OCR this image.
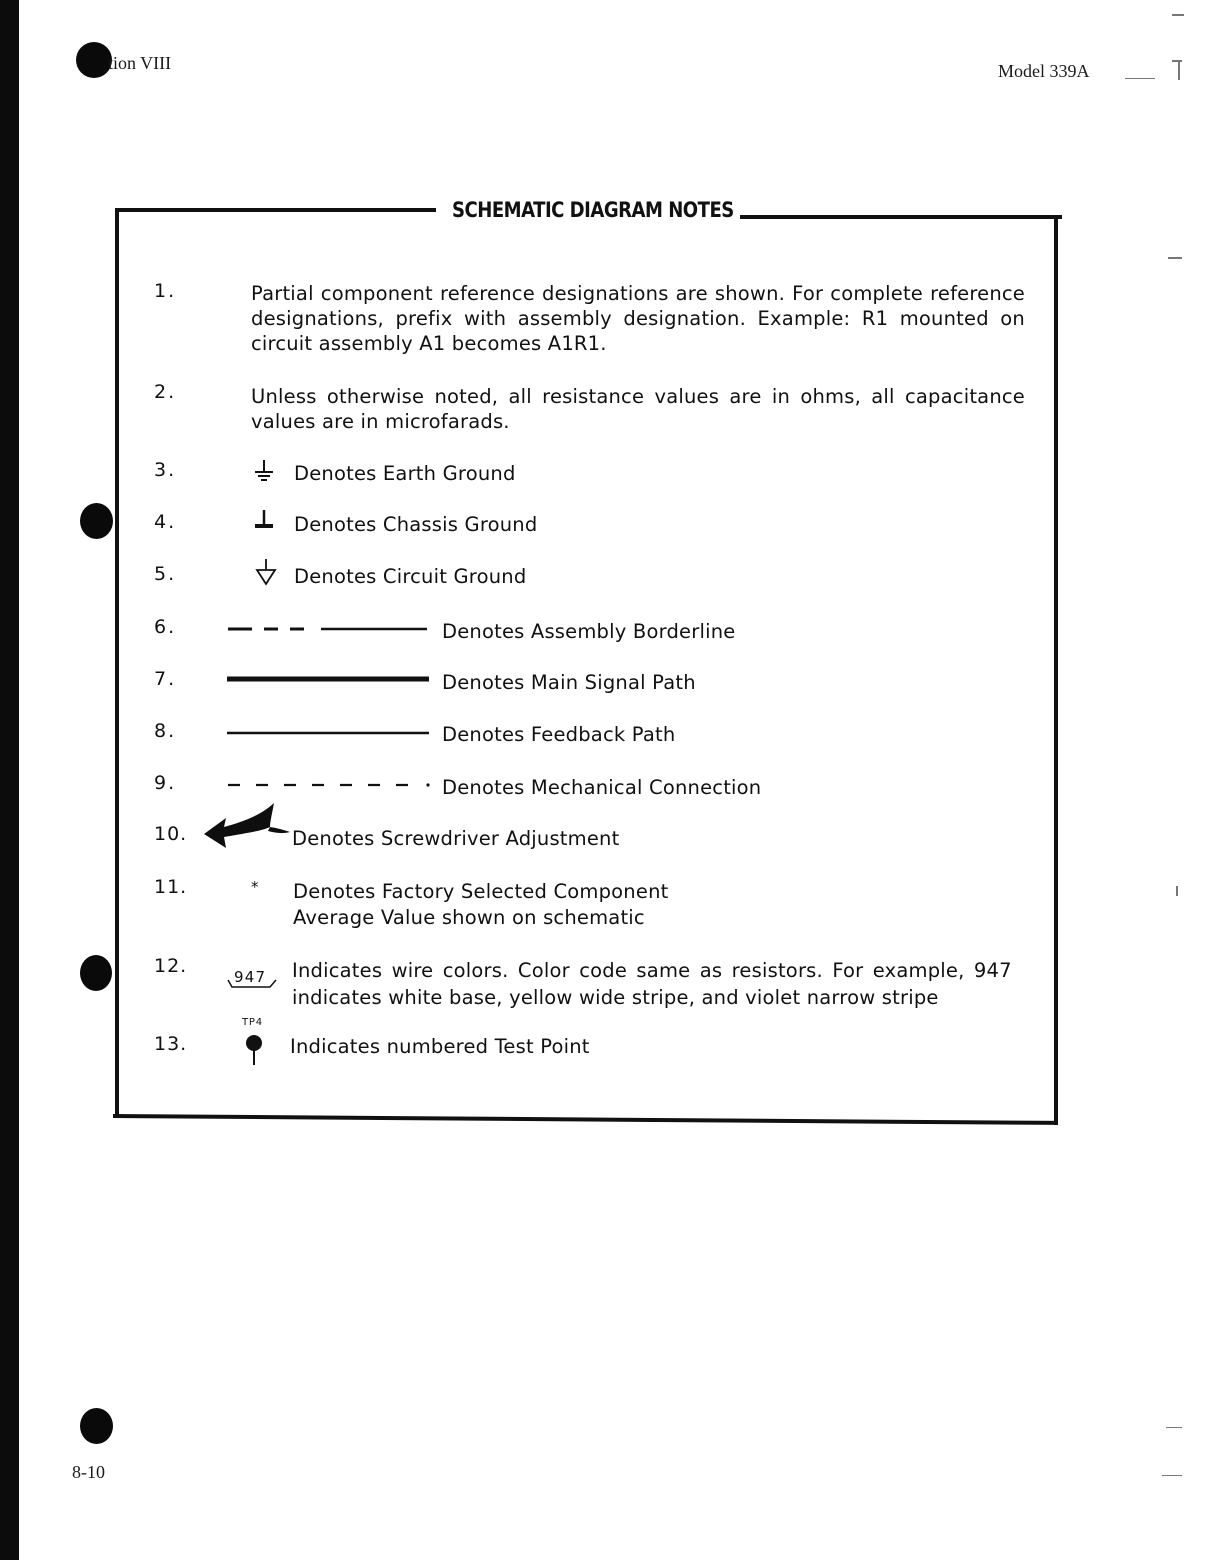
tion VIII	Model 339A
SCHEMATIC DIAGRAM NOTES
1.	Partial component reference designations are shown. For complete reference designations, prefix with assembly designation. Example: R1 mounted on circuit assembly A1 becomes A1R1.
2.	Unless otherwise noted, all resistance values are in ohms, all capacitance values are in microfarads.
3.	Denotes Earth Ground
4.	Denotes Chassis Ground
5.	Denotes Circuit Ground
6.	Denotes Assembly Borderline
7.	Denotes Main Signal Path
8.	Denotes Feedback Path
9.	Denotes Mechanical Connection
10.	Denotes Screwdriver Adjustment
11.	* Denotes Factory Selected Component
Average Value shown on schematic
12.	947 Indicates wire colors. Color code same as resistors. For example, 947
indicates white base, yellow wide stripe, and violet narrow stripe
13.
TP4
Indicates numbered Test Point
8-10
